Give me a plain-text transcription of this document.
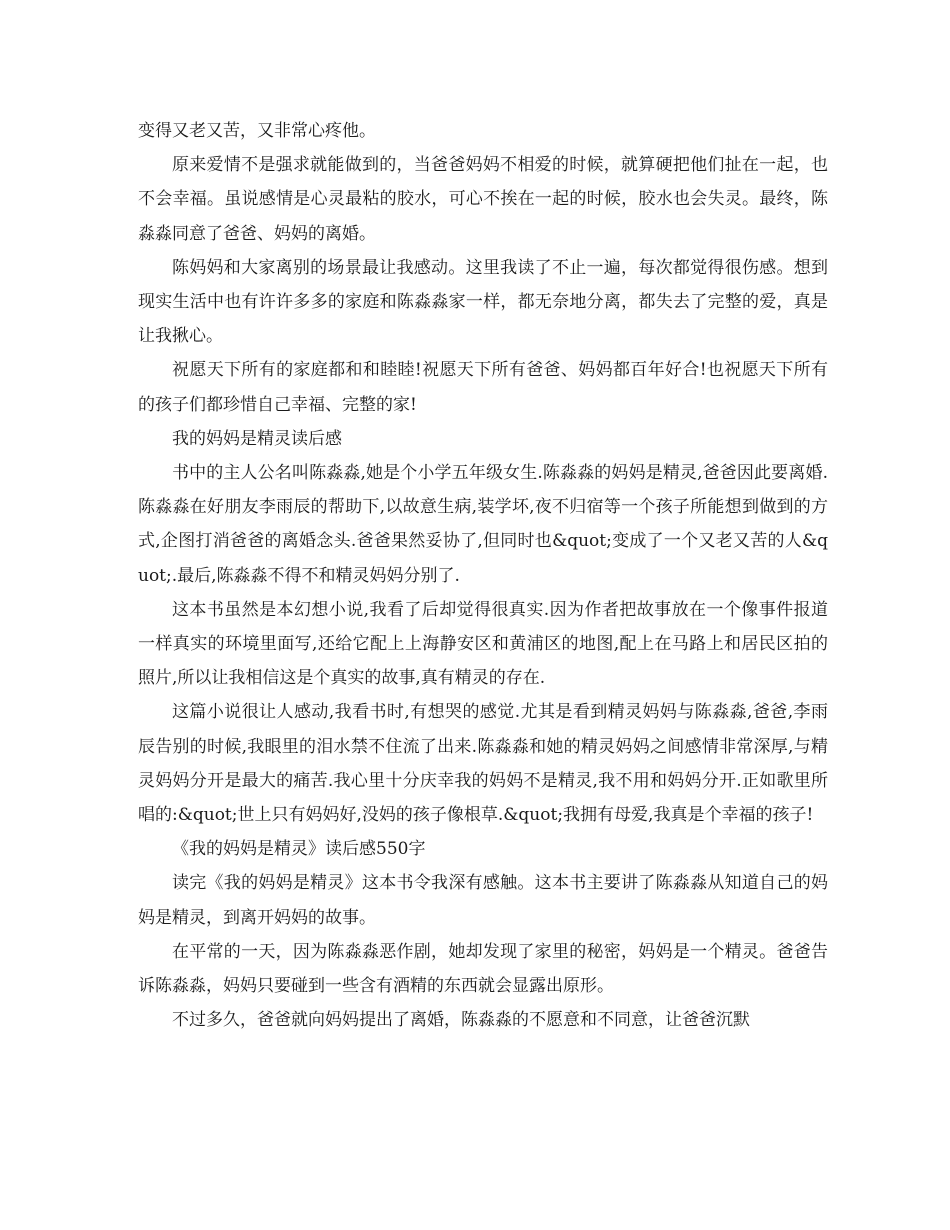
变得又老又苦，又非常心疼他。

原来爱情不是强求就能做到的，当爸爸妈妈不相爱的时候，就算硬把他们扯在一起，也不会幸福。虽说感情是心灵最粘的胶水，可心不挨在一起的时候，胶水也会失灵。最终，陈淼淼同意了爸爸、妈妈的离婚。

陈妈妈和大家离别的场景最让我感动。这里我读了不止一遍，每次都觉得很伤感。想到现实生活中也有许许多多的家庭和陈淼淼家一样，都无奈地分离，都失去了完整的爱，真是让我揪心。

祝愿天下所有的家庭都和和睦睦!祝愿天下所有爸爸、妈妈都百年好合!也祝愿天下所有的孩子们都珍惜自己幸福、完整的家!

我的妈妈是精灵读后感

书中的主人公名叫陈淼淼,她是个小学五年级女生.陈淼淼的妈妈是精灵,爸爸因此要离婚.陈淼淼在好朋友李雨辰的帮助下,以故意生病,装学坏,夜不归宿等一个孩子所能想到做到的方式,企图打消爸爸的离婚念头.爸爸果然妥协了,但同时也&quot;变成了一个又老又苦的人&quot;.最后,陈淼淼不得不和精灵妈妈分别了.

这本书虽然是本幻想小说,我看了后却觉得很真实.因为作者把故事放在一个像事件报道一样真实的环境里面写,还给它配上上海静安区和黄浦区的地图,配上在马路上和居民区拍的照片,所以让我相信这是个真实的故事,真有精灵的存在.

这篇小说很让人感动,我看书时,有想哭的感觉.尤其是看到精灵妈妈与陈淼淼,爸爸,李雨辰告别的时候,我眼里的泪水禁不住流了出来.陈淼淼和她的精灵妈妈之间感情非常深厚,与精灵妈妈分开是最大的痛苦.我心里十分庆幸我的妈妈不是精灵,我不用和妈妈分开.正如歌里所唱的:&quot;世上只有妈妈好,没妈的孩子像根草.&quot;我拥有母爱,我真是个幸福的孩子!

《我的妈妈是精灵》读后感550字

读完《我的妈妈是精灵》这本书令我深有感触。这本书主要讲了陈淼淼从知道自己的妈妈是精灵，到离开妈妈的故事。

在平常的一天，因为陈淼淼恶作剧，她却发现了家里的秘密，妈妈是一个精灵。爸爸告诉陈淼淼，妈妈只要碰到一些含有酒精的东西就会显露出原形。

不过多久，爸爸就向妈妈提出了离婚，陈淼淼的不愿意和不同意，让爸爸沉默
